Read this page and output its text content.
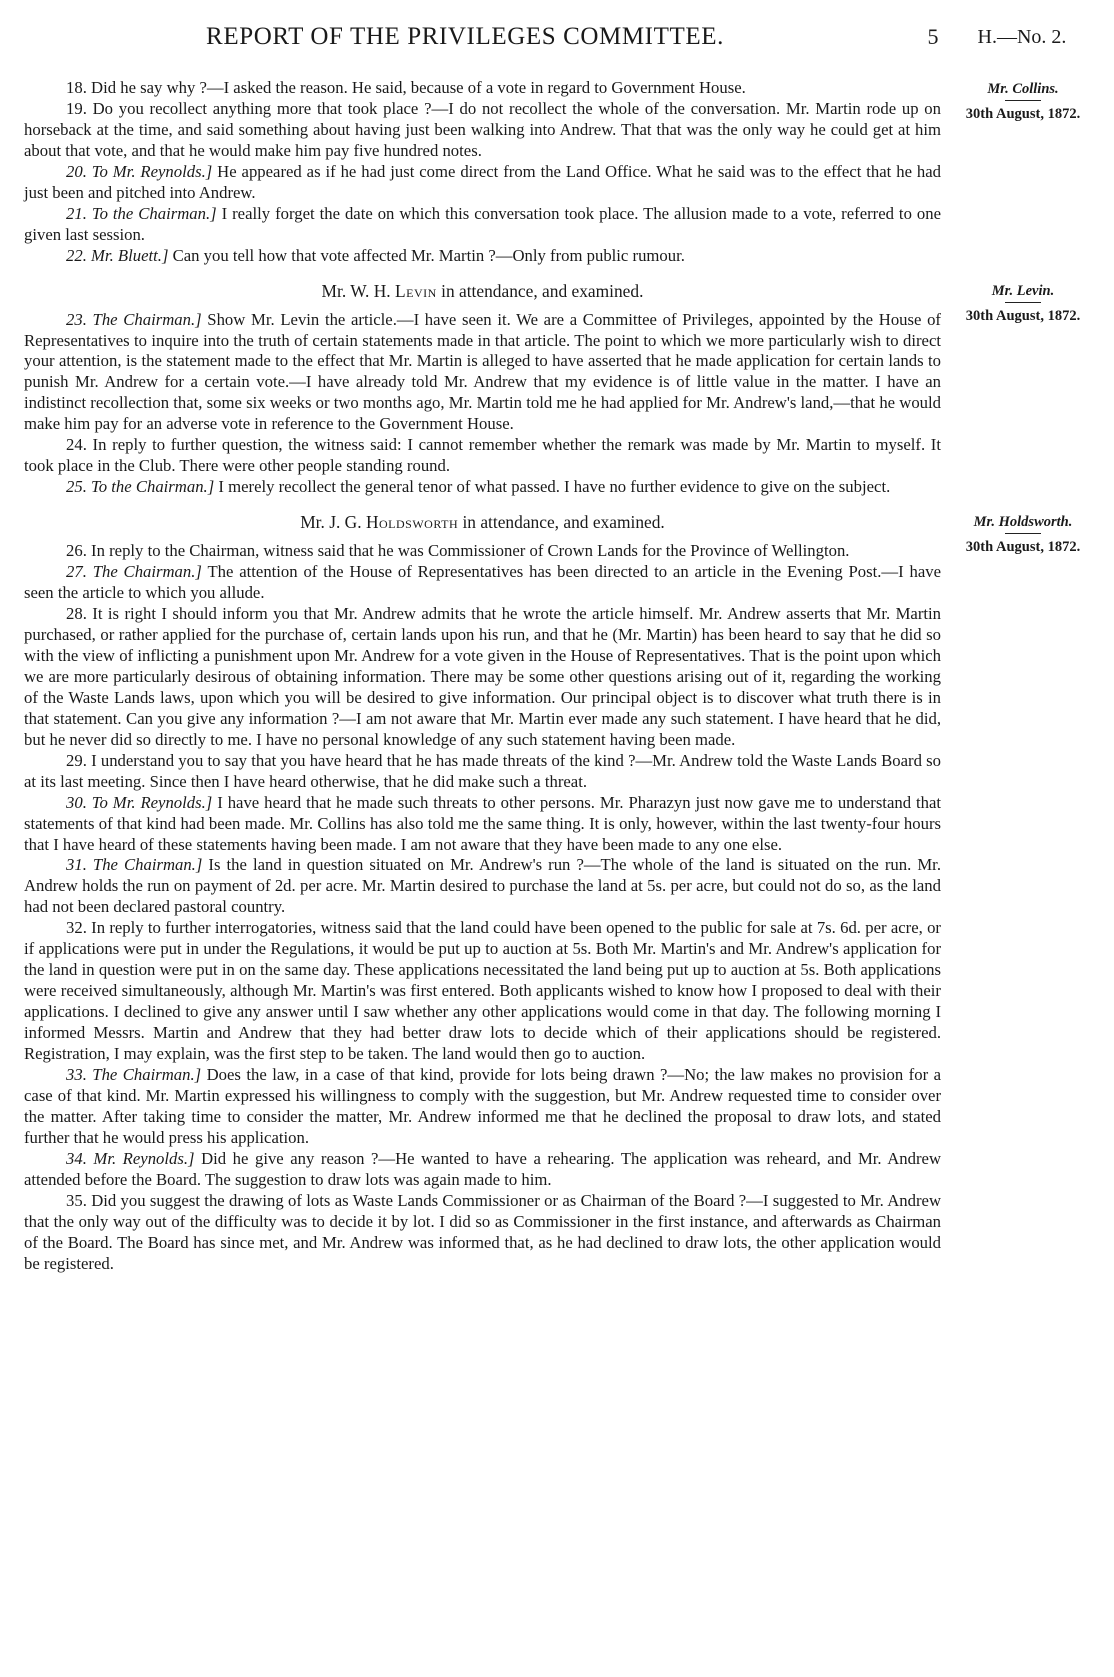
REPORT OF THE PRIVILEGES COMMITTEE.	5	H.—No. 2.

18. Did he say why ?—I asked the reason. He said, because of a vote in regard to Government House.

19. Do you recollect anything more that took place ?—I do not recollect the whole of the conversation. Mr. Martin rode up on horseback at the time, and said something about having just been walking into Andrew. That that was the only way he could get at him about that vote, and that he would make him pay five hundred notes.

20. To Mr. Reynolds.] He appeared as if he had just come direct from the Land Office. What he said was to the effect that he had just been and pitched into Andrew.

21. To the Chairman.] I really forget the date on which this conversation took place. The allusion made to a vote, referred to one given last session.

22. Mr. Bluett.] Can you tell how that vote affected Mr. Martin ?—Only from public rumour.

Mr. W. H. Levin in attendance, and examined.

23. The Chairman.] Show Mr. Levin the article.—I have seen it. We are a Committee of Privileges, appointed by the House of Representatives to inquire into the truth of certain statements made in that article. The point to which we more particularly wish to direct your attention, is the statement made to the effect that Mr. Martin is alleged to have asserted that he made application for certain lands to punish Mr. Andrew for a certain vote.—I have already told Mr. Andrew that my evidence is of little value in the matter. I have an indistinct recollection that, some six weeks or two months ago, Mr. Martin told me he had applied for Mr. Andrew's land,—that he would make him pay for an adverse vote in reference to the Government House.

24. In reply to further question, the witness said: I cannot remember whether the remark was made by Mr. Martin to myself. It took place in the Club. There were other people standing round.

25. To the Chairman.] I merely recollect the general tenor of what passed. I have no further evidence to give on the subject.

Mr. J. G. Holdsworth in attendance, and examined.

26. In reply to the Chairman, witness said that he was Commissioner of Crown Lands for the Province of Wellington.

27. The Chairman.] The attention of the House of Representatives has been directed to an article in the Evening Post.—I have seen the article to which you allude.

28. It is right I should inform you that Mr. Andrew admits that he wrote the article himself. Mr. Andrew asserts that Mr. Martin purchased, or rather applied for the purchase of, certain lands upon his run, and that he (Mr. Martin) has been heard to say that he did so with the view of inflicting a punishment upon Mr. Andrew for a vote given in the House of Representatives. That is the point upon which we are more particularly desirous of obtaining information. There may be some other questions arising out of it, regarding the working of the Waste Lands laws, upon which you will be desired to give information. Our principal object is to discover what truth there is in that statement. Can you give any information ?—I am not aware that Mr. Martin ever made any such statement. I have heard that he did, but he never did so directly to me. I have no personal knowledge of any such statement having been made.

29. I understand you to say that you have heard that he has made threats of the kind ?—Mr. Andrew told the Waste Lands Board so at its last meeting. Since then I have heard otherwise, that he did make such a threat.

30. To Mr. Reynolds.] I have heard that he made such threats to other persons. Mr. Pharazyn just now gave me to understand that statements of that kind had been made. Mr. Collins has also told me the same thing. It is only, however, within the last twenty-four hours that I have heard of these statements having been made. I am not aware that they have been made to any one else.

31. The Chairman.] Is the land in question situated on Mr. Andrew's run ?—The whole of the land is situated on the run. Mr. Andrew holds the run on payment of 2d. per acre. Mr. Martin desired to purchase the land at 5s. per acre, but could not do so, as the land had not been declared pastoral country.

32. In reply to further interrogatories, witness said that the land could have been opened to the public for sale at 7s. 6d. per acre, or if applications were put in under the Regulations, it would be put up to auction at 5s. Both Mr. Martin's and Mr. Andrew's application for the land in question were put in on the same day. These applications necessitated the land being put up to auction at 5s. Both applications were received simultaneously, although Mr. Martin's was first entered. Both applicants wished to know how I proposed to deal with their applications. I declined to give any answer until I saw whether any other applications would come in that day. The following morning I informed Messrs. Martin and Andrew that they had better draw lots to decide which of their applications should be registered. Registration, I may explain, was the first step to be taken. The land would then go to auction.

33. The Chairman.] Does the law, in a case of that kind, provide for lots being drawn ?—No; the law makes no provision for a case of that kind. Mr. Martin expressed his willingness to comply with the suggestion, but Mr. Andrew requested time to consider over the matter. After taking time to consider the matter, Mr. Andrew informed me that he declined the proposal to draw lots, and stated further that he would press his application.

34. Mr. Reynolds.] Did he give any reason ?—He wanted to have a rehearing. The application was reheard, and Mr. Andrew attended before the Board. The suggestion to draw lots was again made to him.

35. Did you suggest the drawing of lots as Waste Lands Commissioner or as Chairman of the Board ?—I suggested to Mr. Andrew that the only way out of the difficulty was to decide it by lot. I did so as Commissioner in the first instance, and afterwards as Chairman of the Board. The Board has since met, and Mr. Andrew was informed that, as he had declined to draw lots, the other application would be registered.

Mr. Collins.
30th August, 1872.
Mr. Levin.
30th August, 1872.
Mr. Holdsworth.
30th August, 1872.
